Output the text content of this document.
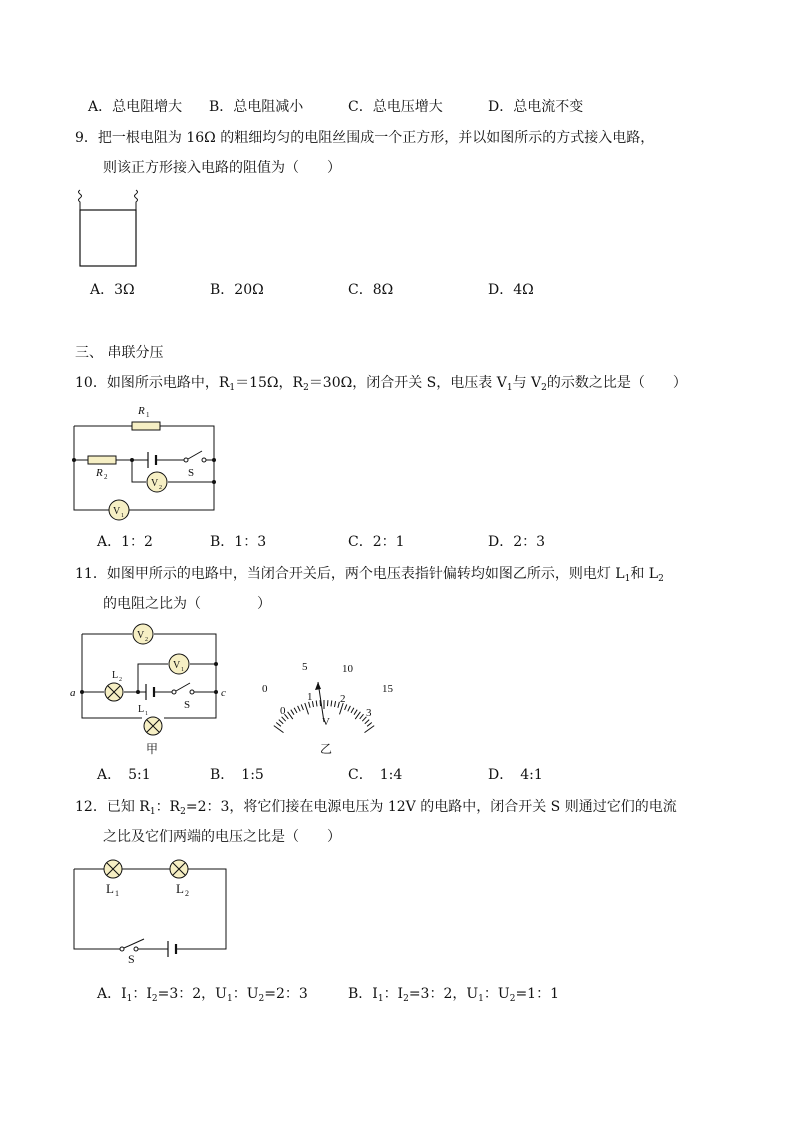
A．总电阻增大 B．总电阻减小	C．总电压增大	D．总电流不变
9．把一根电阻为 16Ω 的粗细均匀的电阻丝围成一个正方形，并以如图所示的方式接入电路，
则该正方形接入电路的阻值为（　　）
A．3Ω	B．20Ω	C．8Ω	D．4Ω
三、 串联分压
10．如图所示电路中，$R_1=15\Omega$，$R_2=30\Omega$，闭合开关 S，电压表 $V_1$与 $V_2$的示数之比是（　　）
R 1
R 2	S
V 2
V 1
A．1：2	B．1：3	C．2：1	D．2：3
11．如图甲所示的电路中，当闭合开关后，两个电压表指针偏转均如图乙所示，则电灯 $L_1$和 $L_2$
的电阻之比为（　　　　）
V 2
L 2
L 1
S
V 1
a	c
甲
0
5	10
15
0
1	2
3
V
乙
A．　5:1	B．　1:5	C．　1:4	D．　4:1
12．已知 $R_1$：$R_2=2$：3，将它们接在电源电压为 12V 的电路中，闭合开关 S 则通过它们的电流
之比及它们两端的电压之比是（　　）
L 1	L 2
S
A．$I_1$：$I_2=3$：2，$U_1$：$U_2=2$：3	B．$I_1$：$I_2=3$：2，$U_1$：$U_2=1$：1
